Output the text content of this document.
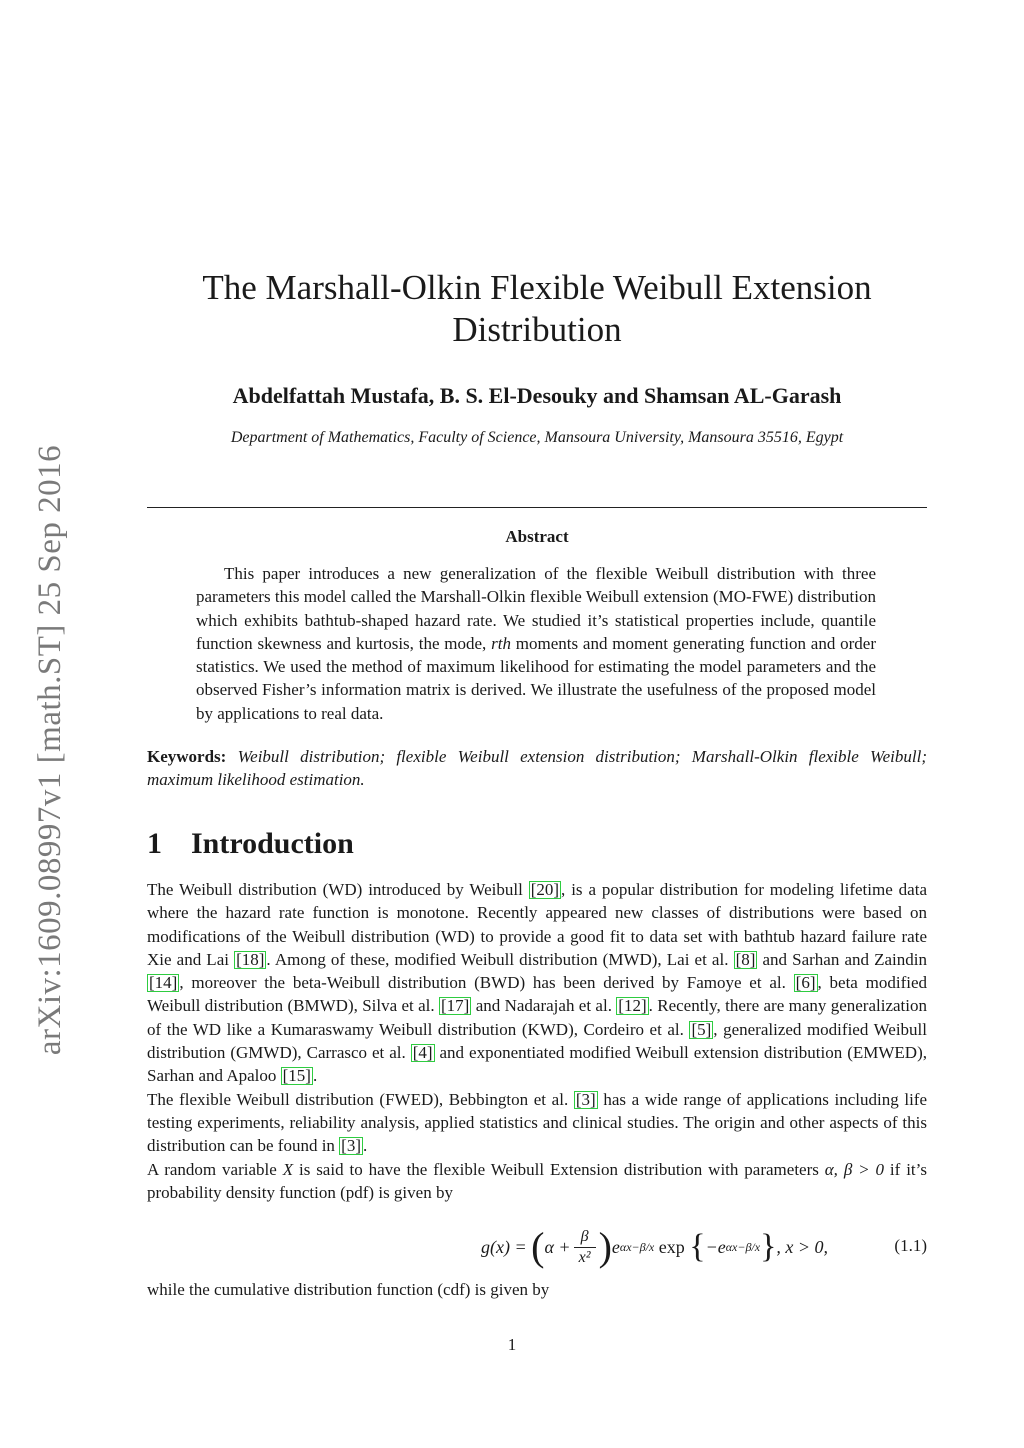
arXiv:1609.08997v1 [math.ST] 25 Sep 2016
The Marshall-Olkin Flexible Weibull Extension Distribution
Abdelfattah Mustafa, B. S. El-Desouky and Shamsan AL-Garash
Department of Mathematics, Faculty of Science, Mansoura University, Mansoura 35516, Egypt
Abstract
This paper introduces a new generalization of the flexible Weibull distribution with three parameters this model called the Marshall-Olkin flexible Weibull extension (MO-FWE) distribution which exhibits bathtub-shaped hazard rate. We studied it’s statistical properties include, quantile function skewness and kurtosis, the mode, rth moments and moment generating function and order statistics. We used the method of maximum likelihood for estimating the model parameters and the observed Fisher’s information matrix is derived. We illustrate the usefulness of the proposed model by applications to real data.
Keywords: Weibull distribution; flexible Weibull extension distribution; Marshall-Olkin flexible Weibull; maximum likelihood estimation.
1 Introduction

The Weibull distribution (WD) introduced by Weibull [20] , is a popular distribution for modeling lifetime data where the hazard rate function is monotone. Recently appeared new classes of distributions were based on modifications of the Weibull distribution (WD) to provide a good fit to data set with bathtub hazard failure rate Xie and Lai [18] . Among of these, modified Weibull distribution (MWD), Lai et al. [8] and Sarhan and Zaindin [14] , moreover the beta-Weibull distribution (BWD) has been derived by Famoye et al. [6] , beta modified Weibull distribution (BMWD), Silva et al. [17] and Nadarajah et al. [12] . Recently, there are many generalization of the WD like a Kumaraswamy Weibull distribution (KWD), Cordeiro et al. [5] , generalized modified Weibull distribution (GMWD), Carrasco et al. [4] and exponentiated modified Weibull extension distribution (EMWED), Sarhan and Apaloo [15] .

The flexible Weibull distribution (FWED), Bebbington et al. [3] has a wide range of applications including life testing experiments, reliability analysis, applied statistics and clinical studies. The origin and other aspects of this distribution can be found in [3] .

A random variable X is said to have the flexible Weibull Extension distribution with parameters α, β > 0 if it’s probability density function (pdf) is given by

g(x) =
( $\alpha + \frac{\beta}{\text{x²}}$ ) e αx−β/x
exp
{ −e αx−β/x } , x > 0,	(1.1)
while the cumulative distribution function (cdf) is given by
1
